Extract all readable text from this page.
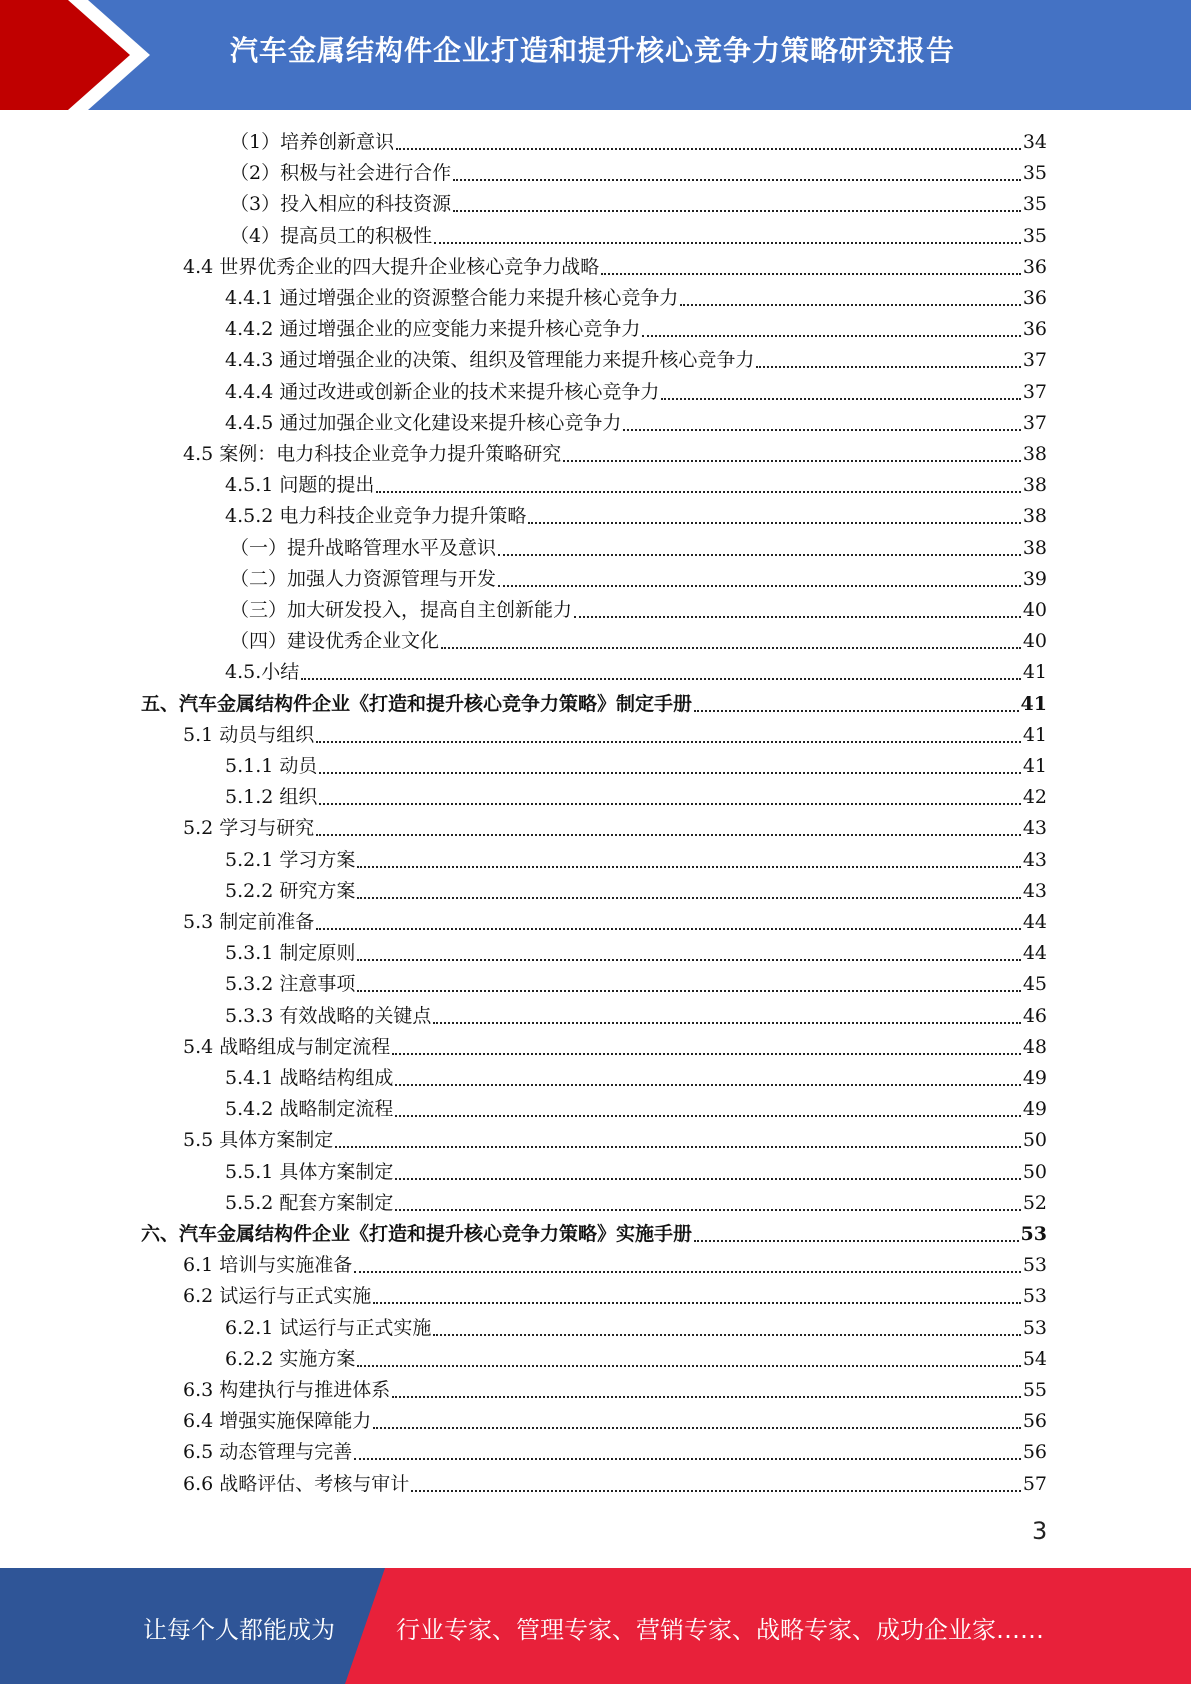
汽车金属结构件企业打造和提升核心竞争力策略研究报告
（1）培养创新意识	34
（2）积极与社会进行合作	35
（3）投入相应的科技资源	35
（4）提高员工的积极性	35
4.4 世界优秀企业的四大提升企业核心竞争力战略	36
4.4.1 通过增强企业的资源整合能力来提升核心竞争力	36
4.4.2 通过增强企业的应变能力来提升核心竞争力	36
4.4.3 通过增强企业的决策、组织及管理能力来提升核心竞争力	37
4.4.4 通过改进或创新企业的技术来提升核心竞争力	37
4.4.5 通过加强企业文化建设来提升核心竞争力	37
4.5 案例：电力科技企业竞争力提升策略研究	38
4.5.1 问题的提出	38
4.5.2 电力科技企业竞争力提升策略	38
（一）提升战略管理水平及意识	38
（二）加强人力资源管理与开发	39
（三）加大研发投入，提高自主创新能力	40
（四）建设优秀企业文化	40
4.5.小结	41
五、汽车金属结构件企业《打造和提升核心竞争力策略》制定手册	41
5.1 动员与组织	41
5.1.1 动员	41
5.1.2 组织	42
5.2 学习与研究	43
5.2.1 学习方案	43
5.2.2 研究方案	43
5.3 制定前准备	44
5.3.1 制定原则	44
5.3.2 注意事项	45
5.3.3 有效战略的关键点	46
5.4 战略组成与制定流程	48
5.4.1 战略结构组成	49
5.4.2 战略制定流程	49
5.5 具体方案制定	50
5.5.1 具体方案制定	50
5.5.2 配套方案制定	52
六、汽车金属结构件企业《打造和提升核心竞争力策略》实施手册	53
6.1 培训与实施准备	53
6.2 试运行与正式实施	53
6.2.1 试运行与正式实施	53
6.2.2 实施方案	54
6.3 构建执行与推进体系	55
6.4 增强实施保障能力	56
6.5 动态管理与完善	56
6.6 战略评估、考核与审计	57
3
让每个人都能成为	行业专家、管理专家、营销专家、战略专家、成功企业家……
